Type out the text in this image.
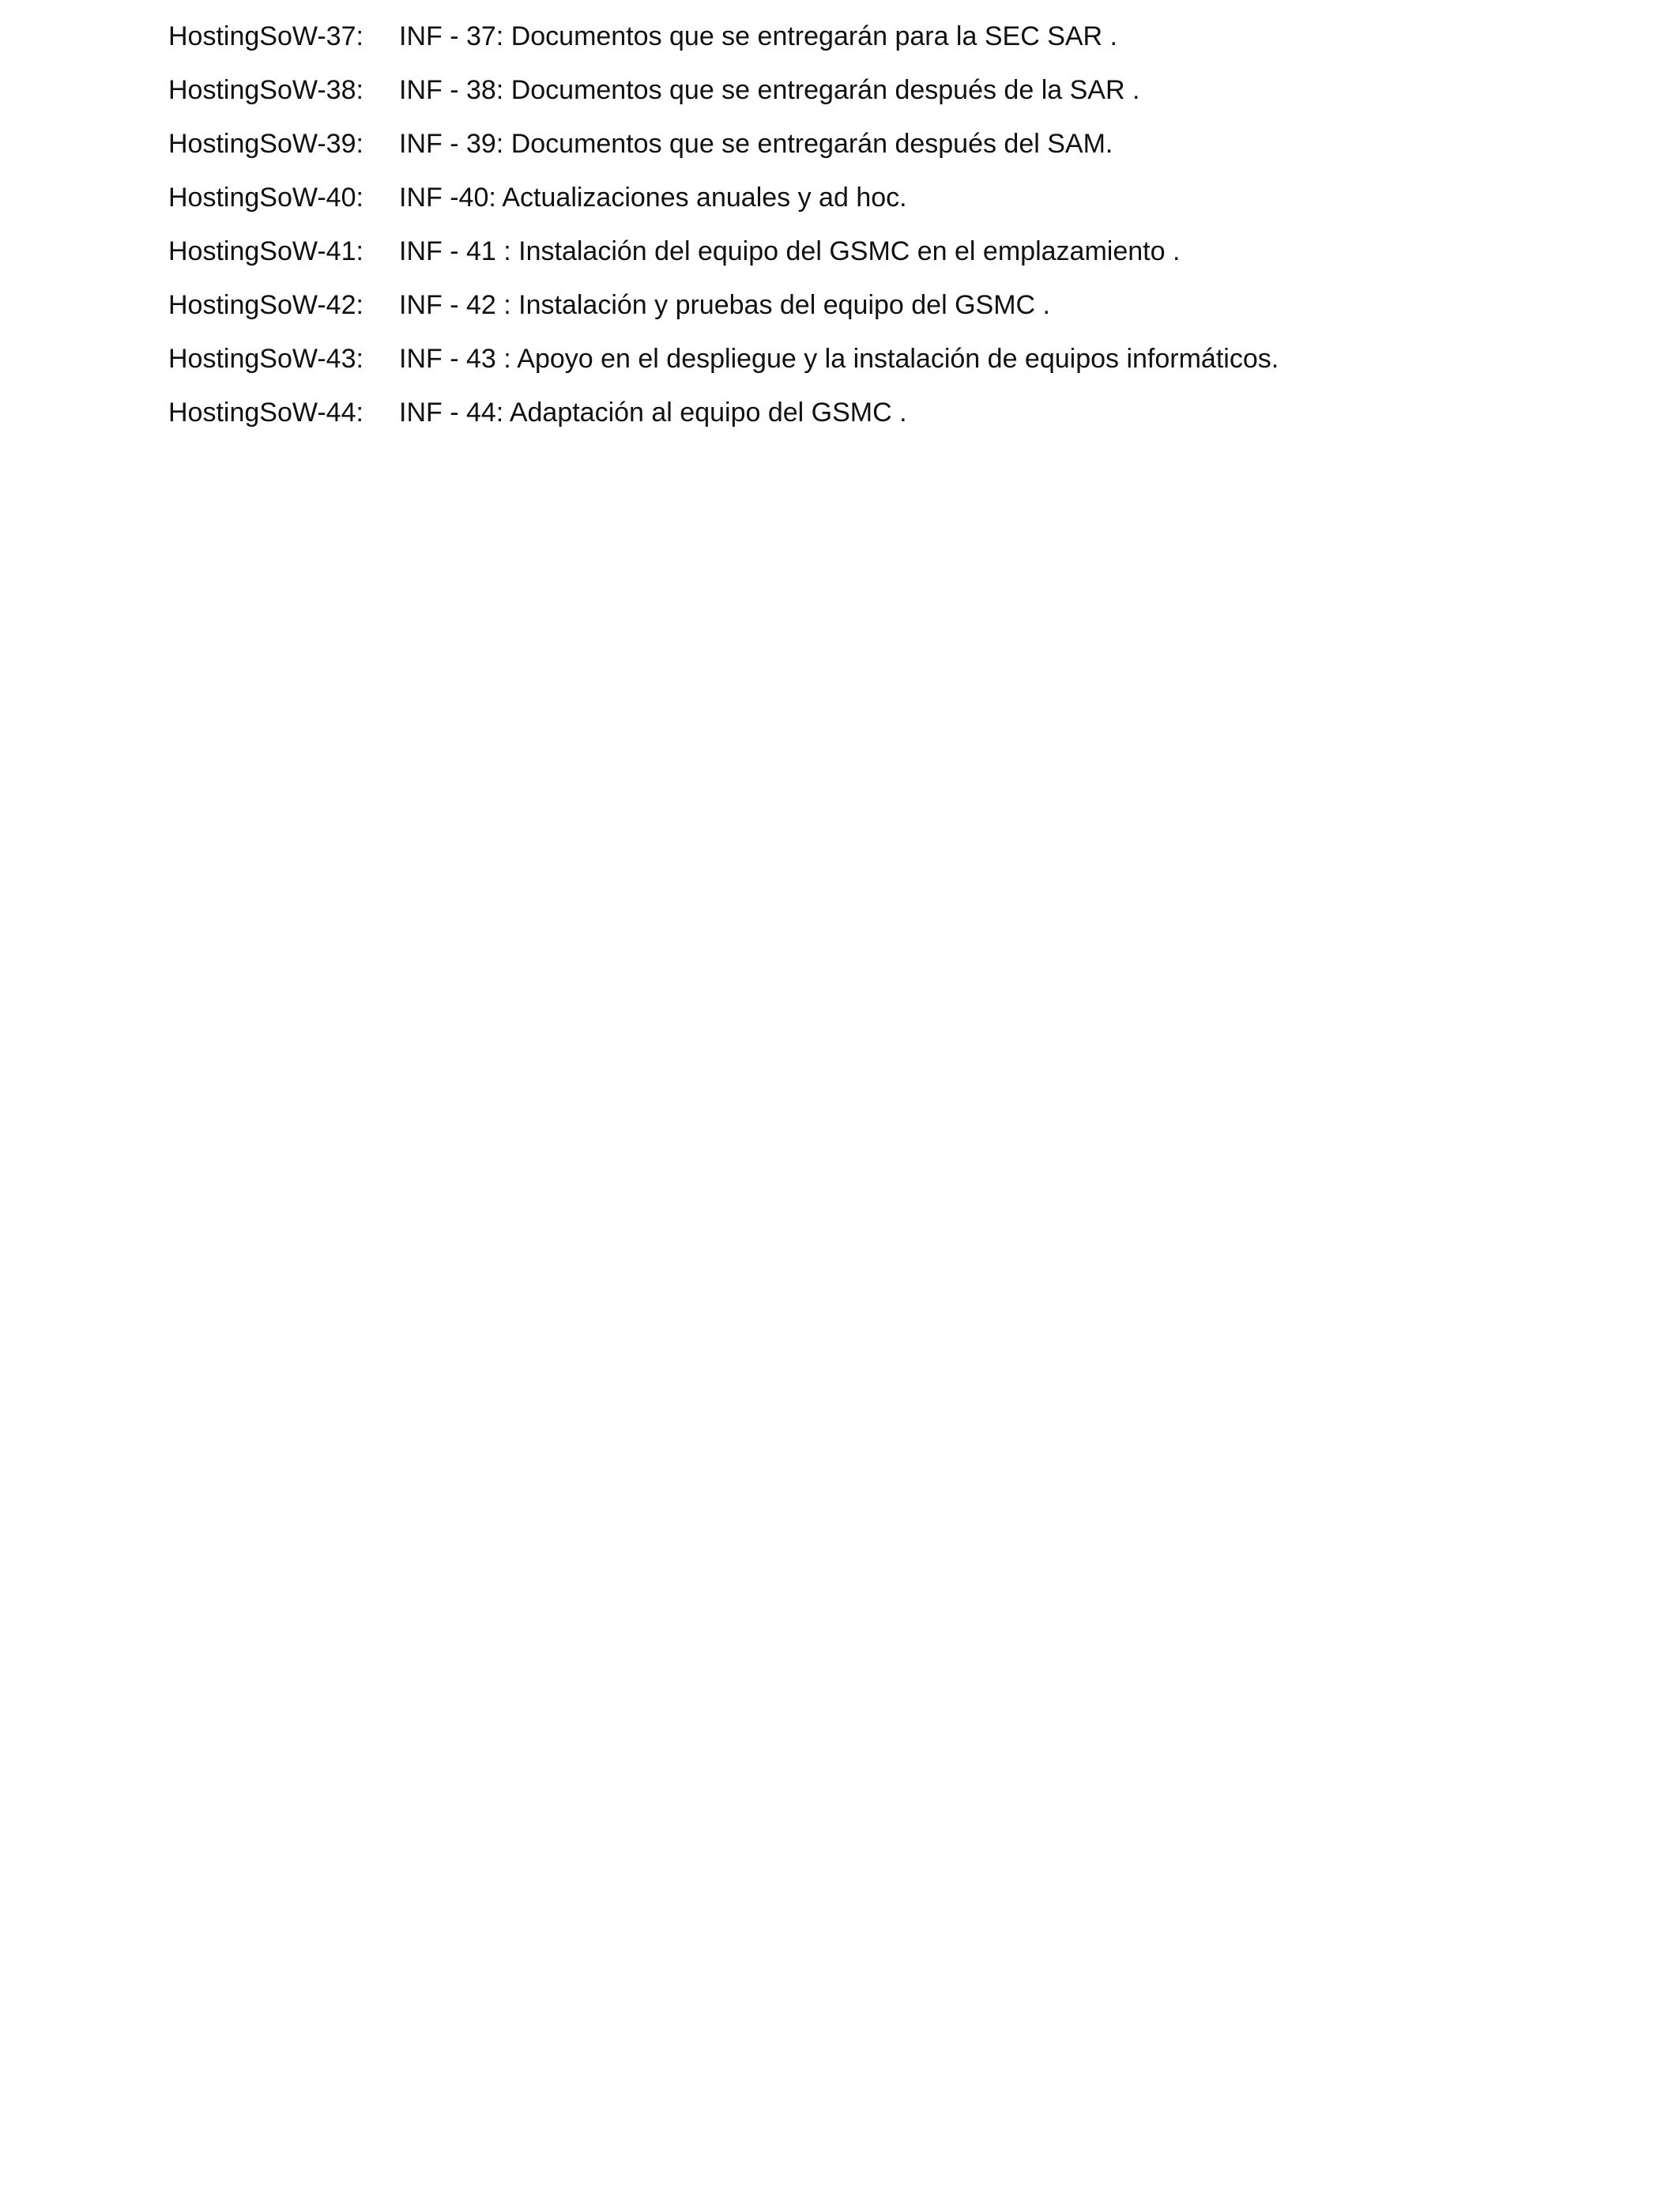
HostingSoW-37:	INF - 37: Documentos que se entregarán para la SEC SAR .
HostingSoW-38:	INF - 38: Documentos que se entregarán después de la SAR .
HostingSoW-39:	INF - 39: Documentos que se entregarán después del SAM.
HostingSoW-40:	INF -40: Actualizaciones anuales y ad hoc.
HostingSoW-41:	INF - 41 : Instalación del equipo del GSMC en el emplazamiento .
HostingSoW-42:	INF - 42 : Instalación y pruebas del equipo del GSMC .
HostingSoW-43:	INF - 43 : Apoyo en el despliegue y la instalación de equipos informáticos.
HostingSoW-44:	INF - 44: Adaptación al equipo del GSMC .
